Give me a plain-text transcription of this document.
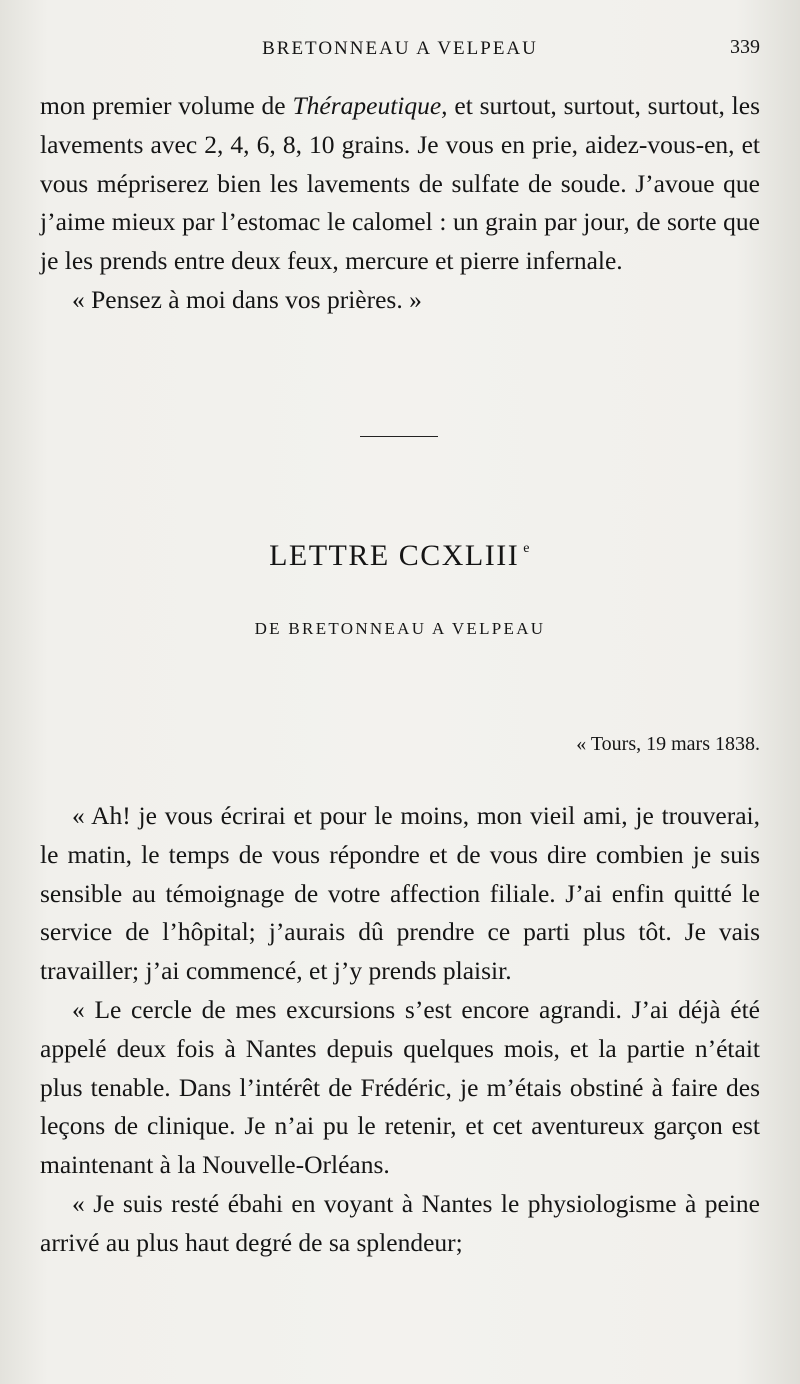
BRETONNEAU A VELPEAU	339

mon premier volume de Thérapeutique, et surtout, surtout, surtout, les lavements avec 2, 4, 6, 8, 10 grains. Je vous en prie, aidez-vous-en, et vous mépriserez bien les lavements de sulfate de soude. J’avoue que j’aime mieux par l’estomac le calomel : un grain par jour, de sorte que je les prends entre deux feux, mercure et pierre infernale.

« Pensez à moi dans vos prières. »

LETTRE CCXLIII $^e$
DE BRETONNEAU A VELPEAU
« Tours, 19 mars 1838.

« Ah! je vous écrirai et pour le moins, mon vieil ami, je trouverai, le matin, le temps de vous répondre et de vous dire combien je suis sensible au témoignage de votre affection filiale. J’ai enfin quitté le service de l’hôpital; j’aurais dû prendre ce parti plus tôt. Je vais travailler; j’ai commencé, et j’y prends plaisir.

« Le cercle de mes excursions s’est encore agrandi. J’ai déjà été appelé deux fois à Nantes depuis quelques mois, et la partie n’était plus tenable. Dans l’intérêt de Frédéric, je m’étais obstiné à faire des leçons de clinique. Je n’ai pu le retenir, et cet aventureux garçon est maintenant à la Nouvelle-Orléans.

« Je suis resté ébahi en voyant à Nantes le physiologisme à peine arrivé au plus haut degré de sa splendeur;
